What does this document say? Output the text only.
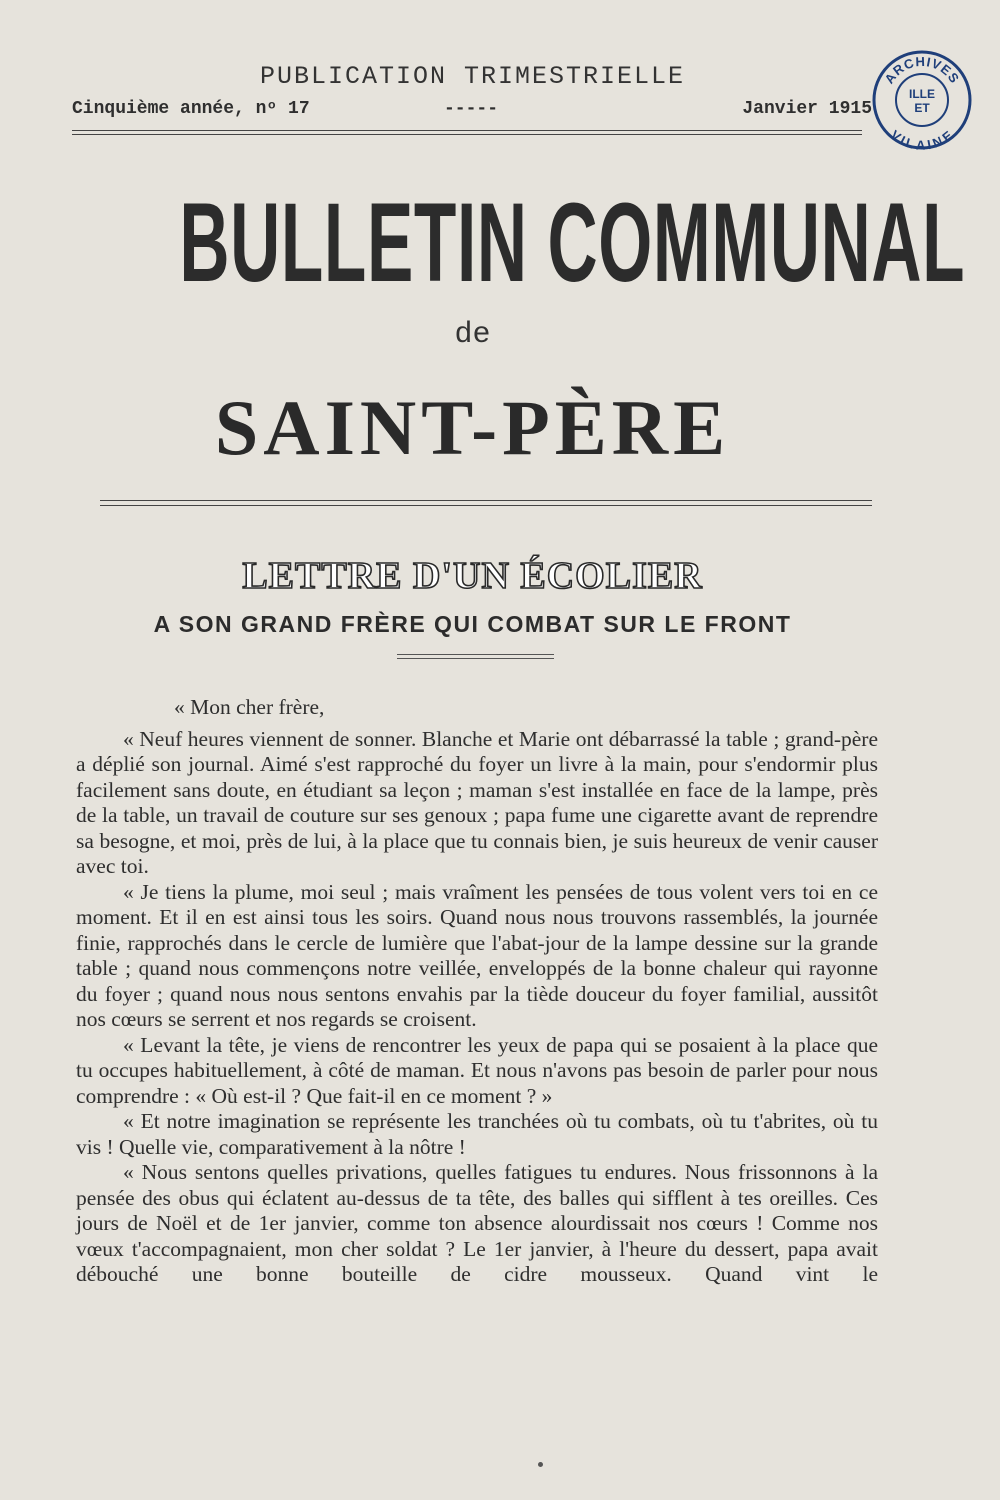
PUBLICATION TRIMESTRIELLE
Cinquième année, nᵒ 17	-----	Janvier 1915
ARCHIVES
VILAINE
ILLE
ET
BULLETIN COMMUNAL
de
SAINT-PÈRE
LETTRE D'UN ÉCOLIER
A SON GRAND FRÈRE QUI COMBAT SUR LE FRONT

« Mon cher frère,

« Neuf heures viennent de sonner. Blanche et Marie ont débarrassé la table ; grand-père a déplié son journal. Aimé s'est rapproché du foyer un livre à la main, pour s'endormir plus facilement sans doute, en étudiant sa leçon ; maman s'est installée en face de la lampe, près de la table, un travail de couture sur ses genoux ; papa fume une cigarette avant de reprendre sa besogne, et moi, près de lui, à la place que tu connais bien, je suis heureux de venir causer avec toi.

« Je tiens la plume, moi seul ; mais vraîment les pensées de tous volent vers toi en ce moment. Et il en est ainsi tous les soirs. Quand nous nous trouvons rassemblés, la journée finie, rapprochés dans le cercle de lumière que l'abat-jour de la lampe dessine sur la grande table ; quand nous commençons notre veillée, enveloppés de la bonne chaleur qui rayonne du foyer ; quand nous nous sentons envahis par la tiède douceur du foyer familial, aussitôt nos cœurs se serrent et nos regards se croisent.

« Levant la tête, je viens de rencontrer les yeux de papa qui se posaient à la place que tu occupes habituellement, à côté de maman. Et nous n'avons pas besoin de parler pour nous comprendre : « Où est-il ? Que fait-il en ce moment ? »

« Et notre imagination se représente les tranchées où tu combats, où tu t'abrites, où tu vis ! Quelle vie, comparativement à la nôtre !

« Nous sentons quelles privations, quelles fatigues tu endures. Nous frissonnons à la pensée des obus qui éclatent au-dessus de ta tête, des balles qui sifflent à tes oreilles. Ces jours de Noël et de 1er janvier, comme ton absence alourdissait nos cœurs ! Comme nos vœux t'accompagnaient, mon cher soldat ? Le 1er janvier, à l'heure du dessert, papa avait débouché une bonne bouteille de cidre mousseux. Quand vint le
